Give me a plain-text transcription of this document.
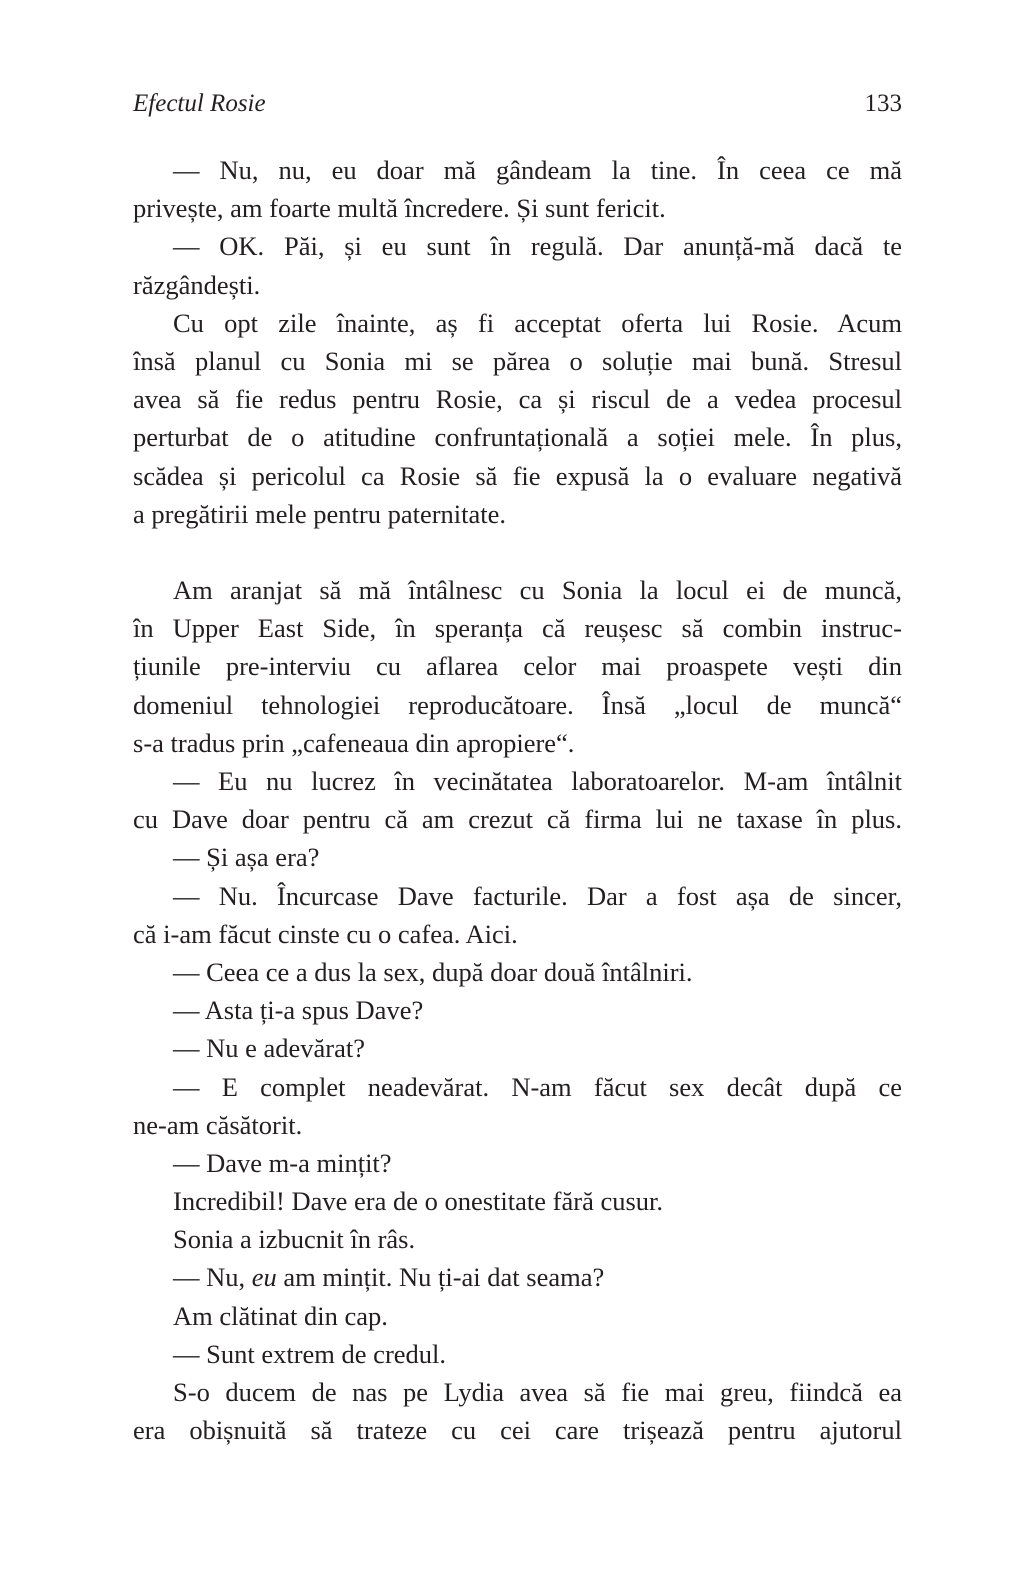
Efectul Rosie	133
— Nu, nu, eu doar mă gândeam la tine. În ceea ce mă
privește, am foarte multă încredere. Și sunt fericit.
— OK. Păi, și eu sunt în regulă. Dar anunță-mă dacă te
răzgândești.
Cu opt zile înainte, aș fi acceptat oferta lui Rosie. Acum
însă planul cu Sonia mi se părea o soluție mai bună. Stresul
avea să fie redus pentru Rosie, ca și riscul de a vedea procesul
perturbat de o atitudine confruntațională a soției mele. În plus,
scădea și pericolul ca Rosie să fie expusă la o evaluare negativă
a pregătirii mele pentru paternitate.
Am aranjat să mă întâlnesc cu Sonia la locul ei de muncă,
în Upper East Side, în speranța că reușesc să combin instruc-
țiunile pre-interviu cu aflarea celor mai proaspete vești din
domeniul tehnologiei reproducătoare. Însă „locul de muncă“
s-a tradus prin „cafeneaua din apropiere“.
— Eu nu lucrez în vecinătatea laboratoarelor. M-am întâlnit
cu Dave doar pentru că am crezut că firma lui ne taxase în plus.
— Și așa era?
— Nu. Încurcase Dave facturile. Dar a fost așa de sincer,
că i-am făcut cinste cu o cafea. Aici.
— Ceea ce a dus la sex, după doar două întâlniri.
— Asta ți-a spus Dave?
— Nu e adevărat?
— E complet neadevărat. N-am făcut sex decât după ce
ne-am căsătorit.
— Dave m-a mințit?
Incredibil! Dave era de o onestitate fără cusur.
Sonia a izbucnit în râs.
— Nu, eu am mințit. Nu ți-ai dat seama?
Am clătinat din cap.
— Sunt extrem de credul.
S-o ducem de nas pe Lydia avea să fie mai greu, fiindcă ea
era obișnuită să trateze cu cei care trișează pentru ajutorul
